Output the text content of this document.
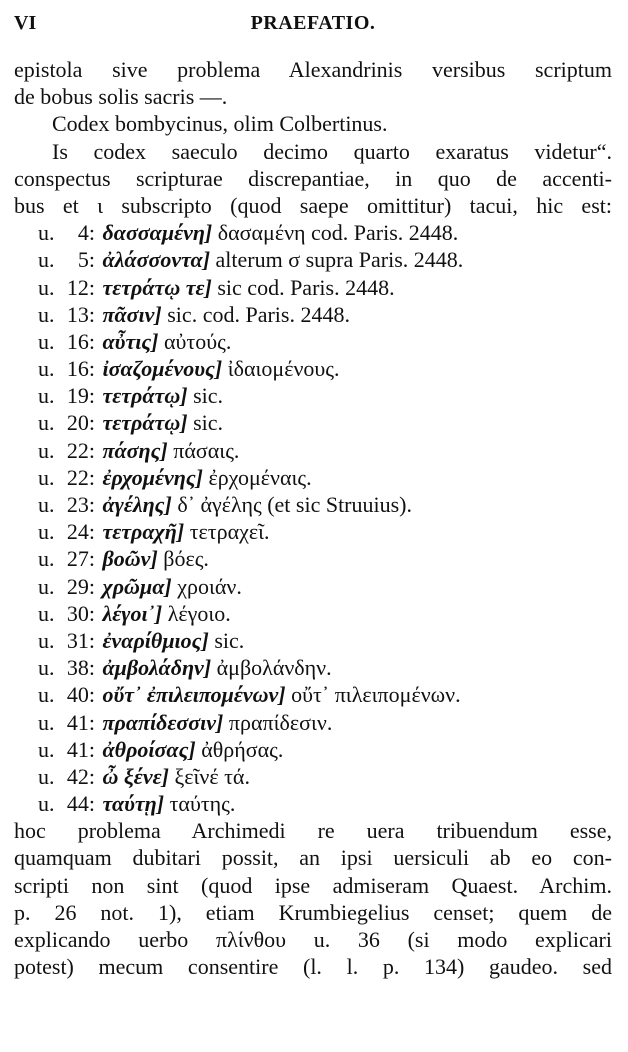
VI	PRAEFATIO.
epistola sive problema Alexandrinis versibus scriptum
de bobus solis sacris —.
Codex bombycinus, olim Colbertinus.
Is codex saeculo decimo quarto exaratus videtur“.
conspectus scripturae discrepantiae, in quo de accenti-
bus et ι subscripto (quod saepe omittitur) tacui, hic est:
u. 4: δασσαμένη] δασαμένη cod. Paris. 2448.
u. 5: ἀλάσσοντα] alterum σ supra Paris. 2448.
u. 12: τετράτῳ τε] sic cod. Paris. 2448.
u. 13: πᾶσιν] sic. cod. Paris. 2448.
u. 16: αὖτις] αὐτούς.
u. 16: ἰσαζομένους] ἰδαιομένους.
u. 19: τετράτῳ] sic.
u. 20: τετράτῳ] sic.
u. 22: πάσης] πάσαις.
u. 22: ἐρχομένης] ἐρχομέναις.
u. 23: ἀγέλης] δ᾽ ἀγέλης (et sic Struuius).
u. 24: τετραχῆ] τετραχεῖ.
u. 27: βοῶν] βόες.
u. 29: χρῶμα] χροιάν.
u. 30: λέγοι᾽] λέγοιο.
u. 31: ἐναρίθμιος] sic.
u. 38: ἀμβολάδην] ἀμβολάνδην.
u. 40: οὔτ᾽ ἐπιλειπομένων] οὔτ᾽ πιλειπομένων.
u. 41: πραπίδεσσιν] πραπίδεσιν.
u. 41: ἀθροίσας] ἀθρήσας.
u. 42: ὦ ξένε] ξεῖνέ τά.
u. 44: ταύτῃ] ταύτης.
hoc problema Archimedi re uera tribuendum esse,
quamquam dubitari possit, an ipsi uersiculi ab eo con-
scripti non sint (quod ipse admiseram Quaest. Archim.
p. 26 not. 1), etiam Krumbiegelius censet; quem de
explicando uerbo πλίνθου u. 36 (si modo explicari
potest) mecum consentire (l. l. p. 134) gaudeo. sed
